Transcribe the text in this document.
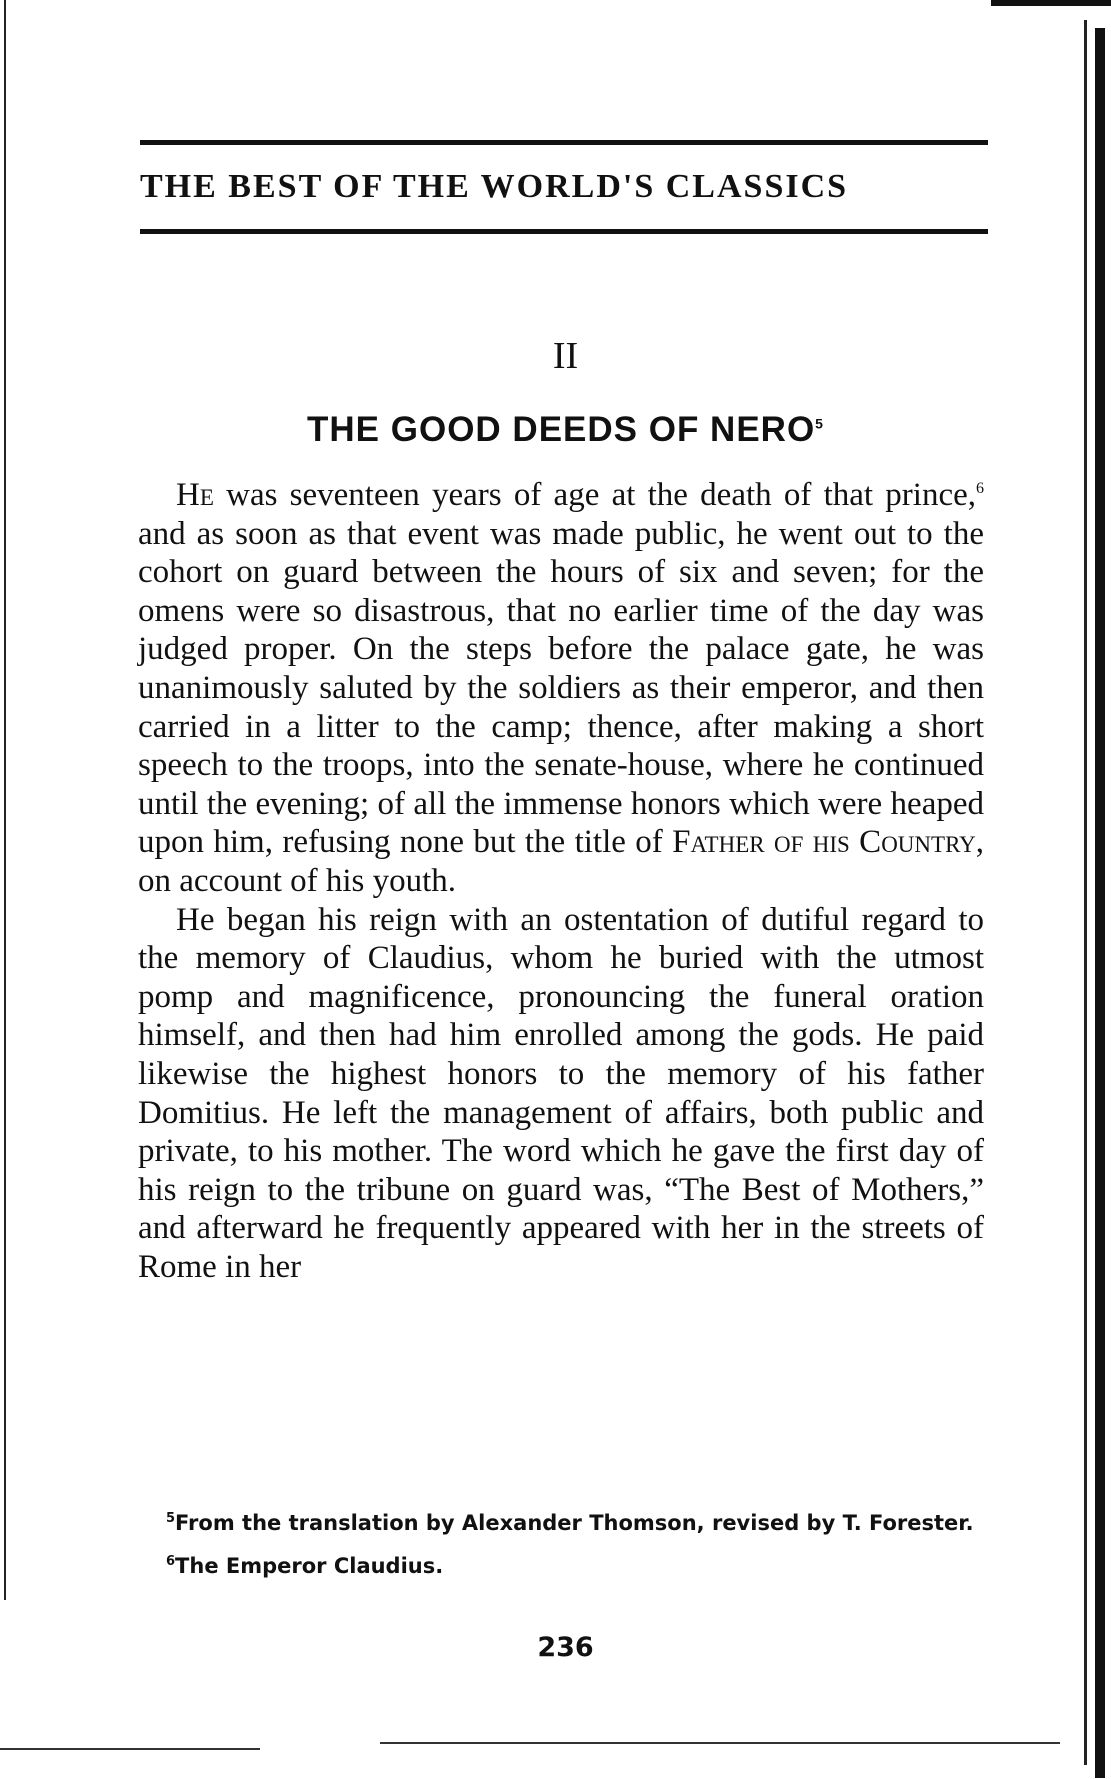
THE BEST OF THE WORLD'S CLASSICS
II
THE GOOD DEEDS OF NERO$^5$

He was seventeen years of age at the death of that prince,$^6$ and as soon as that event was made public, he went out to the cohort on guard between the hours of six and seven; for the omens were so disastrous, that no earlier time of the day was judged proper. On the steps before the palace gate, he was unanimously saluted by the soldiers as their emperor, and then carried in a litter to the camp; thence, after making a short speech to the troops, into the senate-house, where he continued until the evening; of all the immense honors which were heaped upon him, refusing none but the title of Father of his Country, on account of his youth.

He began his reign with an ostentation of dutiful regard to the memory of Claudius, whom he buried with the utmost pomp and magnificence, pronouncing the funeral oration himself, and then had him enrolled among the gods. He paid likewise the highest honors to the memory of his father Domitius. He left the management of affairs, both public and private, to his mother. The word which he gave the first day of his reign to the tribune on guard was, “The Best of Mothers,” and afterward he frequently appeared with her in the streets of Rome in her

$^5$From the translation by Alexander Thomson, revised by T. Forester.

$^6$The Emperor Claudius.

236
